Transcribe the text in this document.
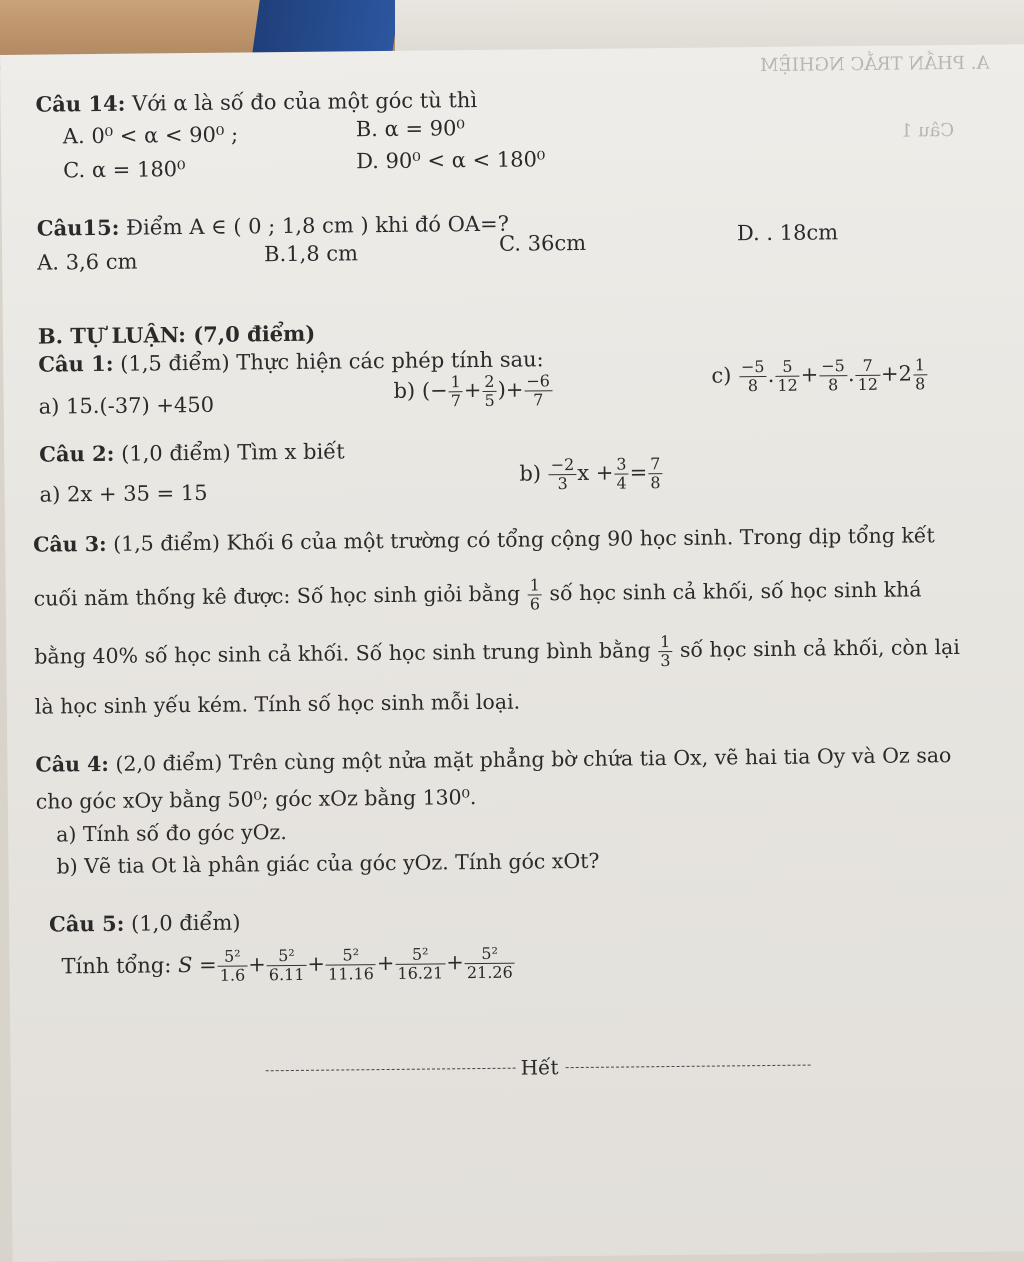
A. PHẦN TRẮC NGHIỆM
Câu 1
Câu 14: Với α là số đo của một góc tù thì
A. 0⁰ < α < 90⁰ ;	B. α = 90⁰
C. α = 180⁰	D. 90⁰ < α < 180⁰
Câu15: Điểm A ∈ ( 0 ; 1,8 cm ) khi đó OA=?
A. 3,6 cm	B.1,8 cm	C. 36cm	D. . 18cm
B. TỰ LUẬN: (7,0 điểm)
Câu 1: (1,5 điểm) Thực hiện các phép tính sau:
a) 15.(-37) +450
b) (− $\frac{1}{7} + \frac{2}{5}$ )+ $\frac{-6}{7}$	$c) \frac{-5}{8}$ . $\frac{5}{12} + \frac{-5}{8}$ . $\frac{7}{12} +2 \frac{1}{8}$
Câu 2: (1,0 điểm) Tìm x biết
a) 2x + 35 = 15
$b) \frac{-2}{3}$ $x + \frac{3}{4} = \frac{7}{8}$
Câu 3: (1,5 điểm) Khối 6 của một trường có tổng cộng 90 học sinh. Trong dịp tổng kết
cuối năm thống kê được: Số học sinh giỏi bằng $\frac{1}{6}$ số học sinh cả khối, số học sinh khá
bằng 40% số học sinh cả khối. Số học sinh trung bình bằng $\frac{1}{3}$ số học sinh cả khối, còn lại
là học sinh yếu kém. Tính số học sinh mỗi loại.
Câu 4: (2,0 điểm) Trên cùng một nửa mặt phẳng bờ chứa tia Ox, vẽ hai tia Oy và Oz sao
cho góc xOy bằng 50⁰; góc xOz bằng 130⁰.
a) Tính số đo góc yOz.
b) Vẽ tia Ot là phân giác của góc yOz. Tính góc xOt?
Câu 5: (1,0 điểm)
Tính tổng: $S = \frac{\text{5²}}{1.6} + \frac{\text{5²}}{6.11} + \frac{\text{5²}}{11.16} + \frac{\text{5²}}{16.21} + \frac{\text{5²}}{21.26}$
Hết
